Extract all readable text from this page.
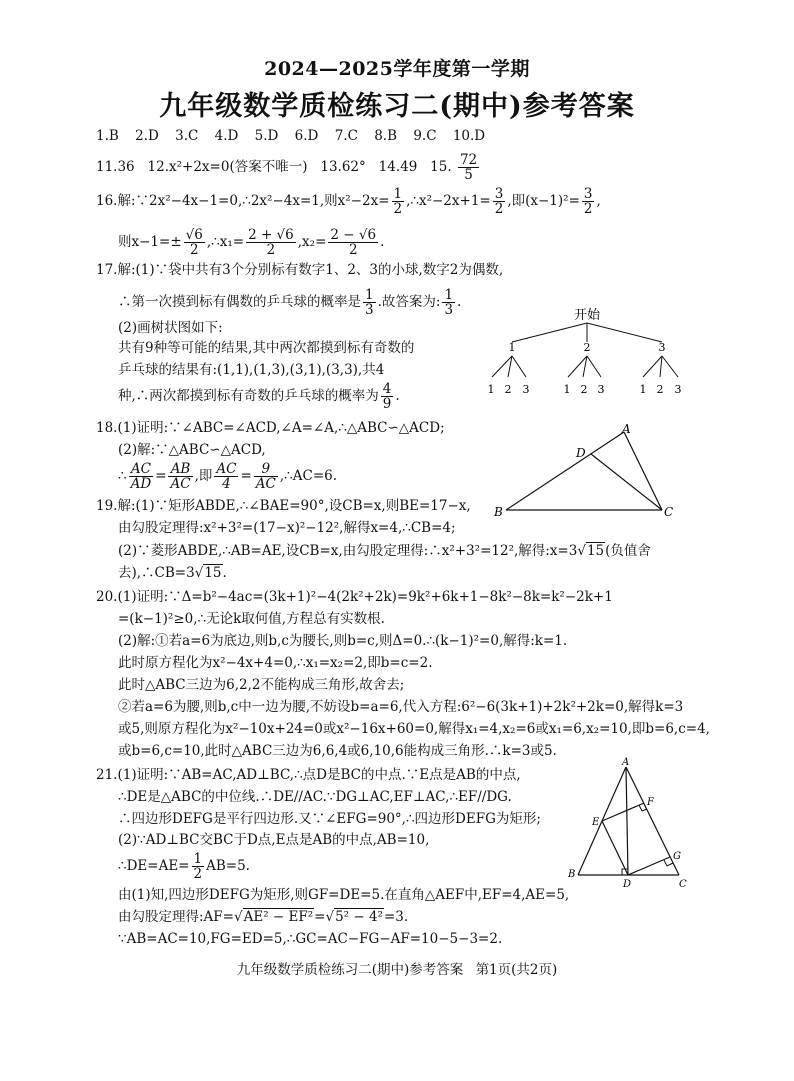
2024—2025学年度第一学期
九年级数学质检练习二(期中)参考答案
1.B 2.D 3.C 4.D 5.D 6.D 7.C 8.B 9.C 10.D
11.36 12.x²+2x=0(答案不唯一) 13.62° 14.49 15. $\frac{72}{5}$
16.解:∵2x²−4x−1=0,∴2x²−4x=1,则$x^2-2x= \frac{1}{2}$ ,∴x²−2x+1= $\frac{3}{2}$ ,即$(x-1)^2= \frac{3}{2}$ ,
则$x-1=\pm \frac{√6}{2}$ ,∴x₁= $\frac{2 + √6}{2} ,x_2= \frac{2 - √6}{2}$ .
17.解:(1)∵袋中共有3个分别标有数字1、2、3的小球,数字2为偶数,
∴第一次摸到标有偶数的乒乓球的概率是 $\frac{1}{3}$ .故答案为: $\frac{1}{3}$ .
(2)画树状图如下:
共有9种等可能的结果,其中两次都摸到标有奇数的
乒乓球的结果有:(1,1),(1,3),(3,1),(3,3),共4
种,∴两次都摸到标有奇数的乒乓球的概率为 $\frac{4}{9}$ .
开始
1	2	3
1 2 3	1 2 3	1 2 3
18.(1)证明:∵∠ABC=∠ACD,∠A=∠A,∴△ABC∽△ACD;
(2)解:∵△ABC∽△ACD,
∴ $\frac{AC}{AD} = \frac{AB}{AC}$ ,即 $\frac{AC}{4} = \frac{9}{AC}$ ,∴AC=6.
A
D
B	C
19.解:(1)∵矩形ABDE,∴∠BAE=90°,设CB=x,则BE=17−x,
由勾股定理得:x²+3²=(17−x)²−12²,解得x=4,∴CB=4;
(2)∵菱形ABDE,∴AB=AE,设CB=x,由勾股定理得:∴x²+3²=12²,解得:x=3√15(负值舍
去),∴CB=3√15.
20.(1)证明:∵Δ=b²−4ac=(3k+1)²−4(2k²+2k)=9k²+6k+1−8k²−8k=k²−2k+1
=(k−1)²≥0,∴无论k取何值,方程总有实数根.
(2)解:①若a=6为底边,则b,c为腰长,则b=c,则Δ=0.∴(k−1)²=0,解得:k=1.
此时原方程化为x²−4x+4=0,∴x₁=x₂=2,即b=c=2.
此时△ABC三边为6,2,2不能构成三角形,故舍去;
②若a=6为腰,则b,c中一边为腰,不妨设b=a=6,代入方程:6²−6(3k+1)+2k²+2k=0,解得k=3
或5,则原方程化为x²−10x+24=0或x²−16x+60=0,解得x₁=4,x₂=6或x₁=6,x₂=10,即b=6,c=4,
或b=6,c=10,此时△ABC三边为6,6,4或6,10,6能构成三角形.∴k=3或5.
21.(1)证明:∵AB=AC,AD⊥BC,∴点D是BC的中点.∵E点是AB的中点,
∴DE是△ABC的中位线.∴DE//AC.∵DG⊥AC,EF⊥AC,∴EF//DG.
∴四边形DEFG是平行四边形.又∵∠EFG=90°,∴四边形DEFG为矩形;
(2)∵AD⊥BC交BC于D点,E点是AB的中点,AB=10,
∴DE=AE= $\frac{1}{2} AB=5$.
由(1)知,四边形DEFG为矩形,则GF=DE=5.在直角△AEF中,EF=4,AE=5,
由勾股定理得:AF=√AE² − EF²=√5² − 4²=3.
∵AB=AC=10,FG=ED=5,∴GC=AC−FG−AF=10−5−3=2.
A
F
E
G
B
D	C
九年级数学质检练习二(期中)参考答案 第1页(共2页)
